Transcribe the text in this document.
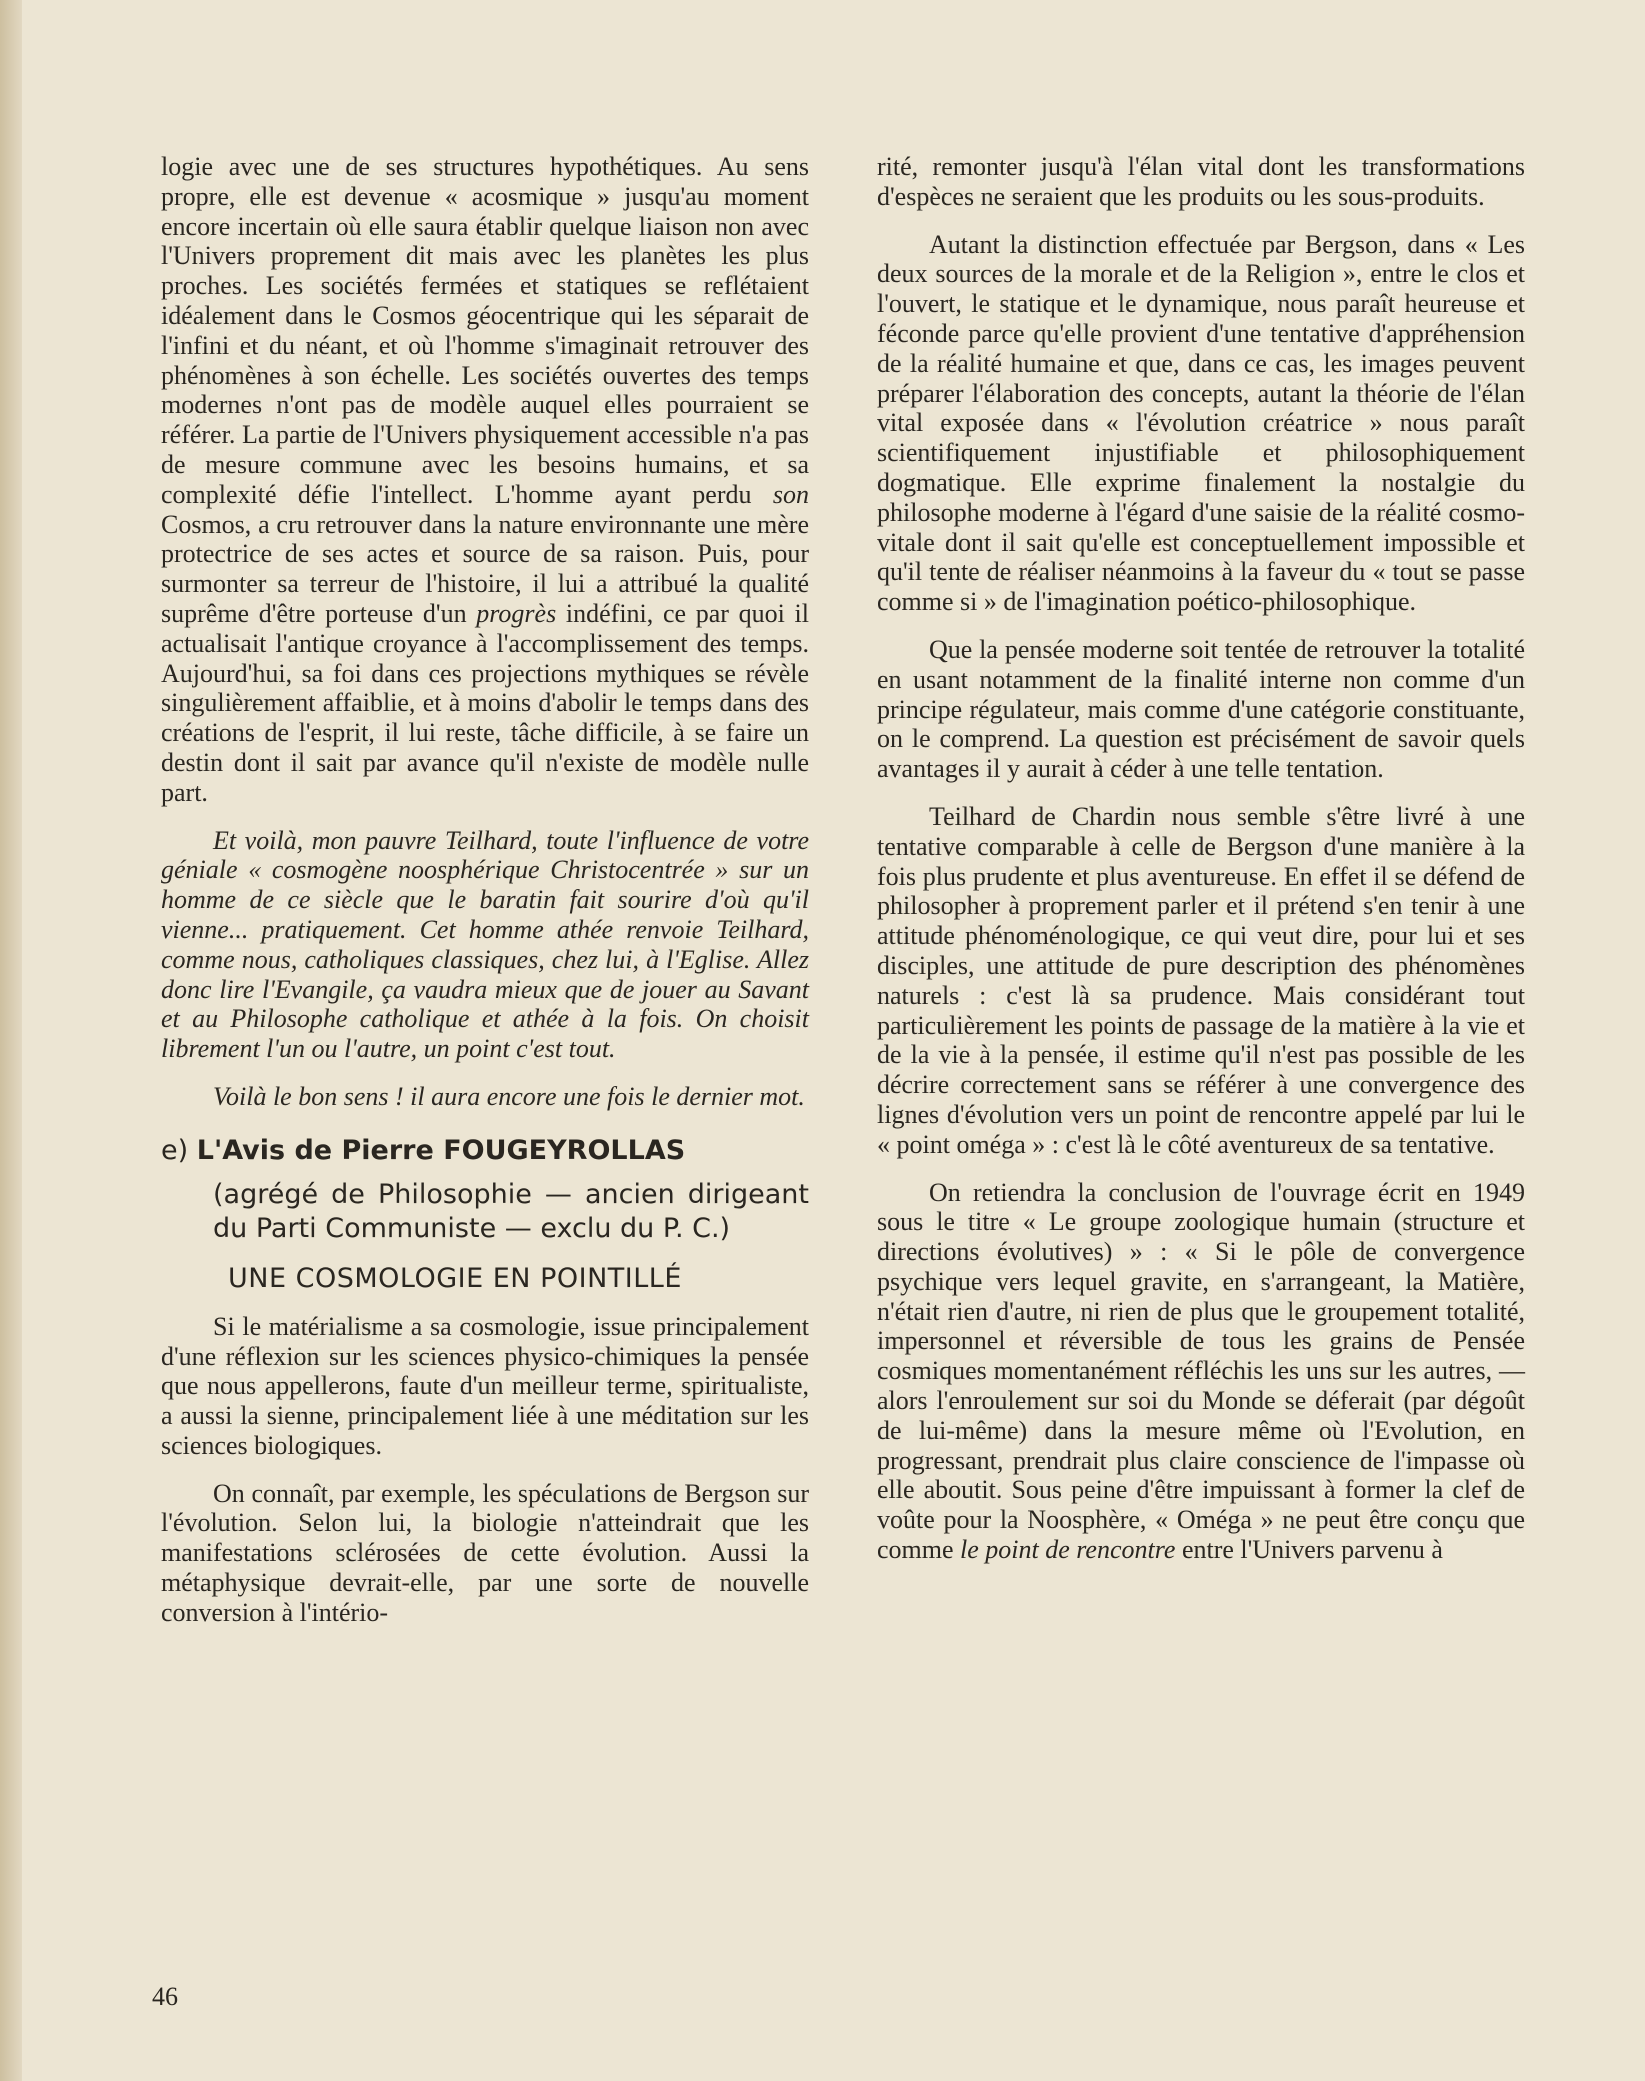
logie avec une de ses structures hypothétiques. Au sens propre, elle est devenue « acosmique » jusqu'au moment encore incertain où elle saura établir quelque liaison non avec l'Univers proprement dit mais avec les planètes les plus proches. Les sociétés fermées et statiques se reflétaient idéalement dans le Cosmos géocentrique qui les séparait de l'infini et du néant, et où l'homme s'imaginait retrouver des phénomènes à son échelle. Les sociétés ouvertes des temps modernes n'ont pas de modèle auquel elles pourraient se référer. La partie de l'Univers physiquement accessible n'a pas de mesure commune avec les besoins humains, et sa complexité défie l'intellect. L'homme ayant perdu son Cosmos, a cru retrouver dans la nature environnante une mère protectrice de ses actes et source de sa raison. Puis, pour surmonter sa terreur de l'histoire, il lui a attribué la qualité suprême d'être porteuse d'un progrès indéfini, ce par quoi il actualisait l'antique croyance à l'accomplissement des temps. Aujourd'hui, sa foi dans ces projections mythiques se révèle singulièrement affaiblie, et à moins d'abolir le temps dans des créations de l'esprit, il lui reste, tâche difficile, à se faire un destin dont il sait par avance qu'il n'existe de modèle nulle part.

Et voilà, mon pauvre Teilhard, toute l'influence de votre géniale « cosmogène noosphérique Christocentrée » sur un homme de ce siècle que le baratin fait sourire d'où qu'il vienne... pratiquement. Cet homme athée renvoie Teilhard, comme nous, catholiques classiques, chez lui, à l'Eglise. Allez donc lire l'Evangile, ça vaudra mieux que de jouer au Savant et au Philosophe catholique et athée à la fois. On choisit librement l'un ou l'autre, un point c'est tout.

Voilà le bon sens ! il aura encore une fois le dernier mot.

e) L'Avis de Pierre FOUGEYROLLAS
(agrégé de Philosophie — ancien dirigeant du Parti Communiste — exclu du P. C.)
UNE COSMOLOGIE EN POINTILLÉ

Si le matérialisme a sa cosmologie, issue principalement d'une réflexion sur les sciences physico-chimiques la pensée que nous appellerons, faute d'un meilleur terme, spiritualiste, a aussi la sienne, principalement liée à une méditation sur les sciences biologiques.

On connaît, par exemple, les spéculations de Bergson sur l'évolution. Selon lui, la biologie n'atteindrait que les manifestations sclérosées de cette évolution. Aussi la métaphysique devrait-elle, par une sorte de nouvelle conversion à l'intério-

rité, remonter jusqu'à l'élan vital dont les transformations d'espèces ne seraient que les produits ou les sous-produits.

Autant la distinction effectuée par Bergson, dans « Les deux sources de la morale et de la Religion », entre le clos et l'ouvert, le statique et le dynamique, nous paraît heureuse et féconde parce qu'elle provient d'une tentative d'appréhension de la réalité humaine et que, dans ce cas, les images peuvent préparer l'élaboration des concepts, autant la théorie de l'élan vital exposée dans « l'évolution créatrice » nous paraît scientifiquement injustifiable et philosophiquement dogmatique. Elle exprime finalement la nostalgie du philosophe moderne à l'égard d'une saisie de la réalité cosmo-vitale dont il sait qu'elle est conceptuellement impossible et qu'il tente de réaliser néanmoins à la faveur du « tout se passe comme si » de l'imagination poético-philosophique.

Que la pensée moderne soit tentée de retrouver la totalité en usant notamment de la finalité interne non comme d'un principe régulateur, mais comme d'une catégorie constituante, on le comprend. La question est précisément de savoir quels avantages il y aurait à céder à une telle tentation.

Teilhard de Chardin nous semble s'être livré à une tentative comparable à celle de Bergson d'une manière à la fois plus prudente et plus aventureuse. En effet il se défend de philosopher à proprement parler et il prétend s'en tenir à une attitude phénoménologique, ce qui veut dire, pour lui et ses disciples, une attitude de pure description des phénomènes naturels : c'est là sa prudence. Mais considérant tout particulièrement les points de passage de la matière à la vie et de la vie à la pensée, il estime qu'il n'est pas possible de les décrire correctement sans se référer à une convergence des lignes d'évolution vers un point de rencontre appelé par lui le « point oméga » : c'est là le côté aventureux de sa tentative.

On retiendra la conclusion de l'ouvrage écrit en 1949 sous le titre « Le groupe zoologique humain (structure et directions évolutives) » : « Si le pôle de convergence psychique vers lequel gravite, en s'arrangeant, la Matière, n'était rien d'autre, ni rien de plus que le groupement totalité, impersonnel et réversible de tous les grains de Pensée cosmiques momentanément réfléchis les uns sur les autres, — alors l'enroulement sur soi du Monde se déferait (par dégoût de lui-même) dans la mesure même où l'Evolution, en progressant, prendrait plus claire conscience de l'impasse où elle aboutit. Sous peine d'être impuissant à former la clef de voûte pour la Noosphère, « Oméga » ne peut être conçu que comme le point de rencontre entre l'Univers parvenu à

46
